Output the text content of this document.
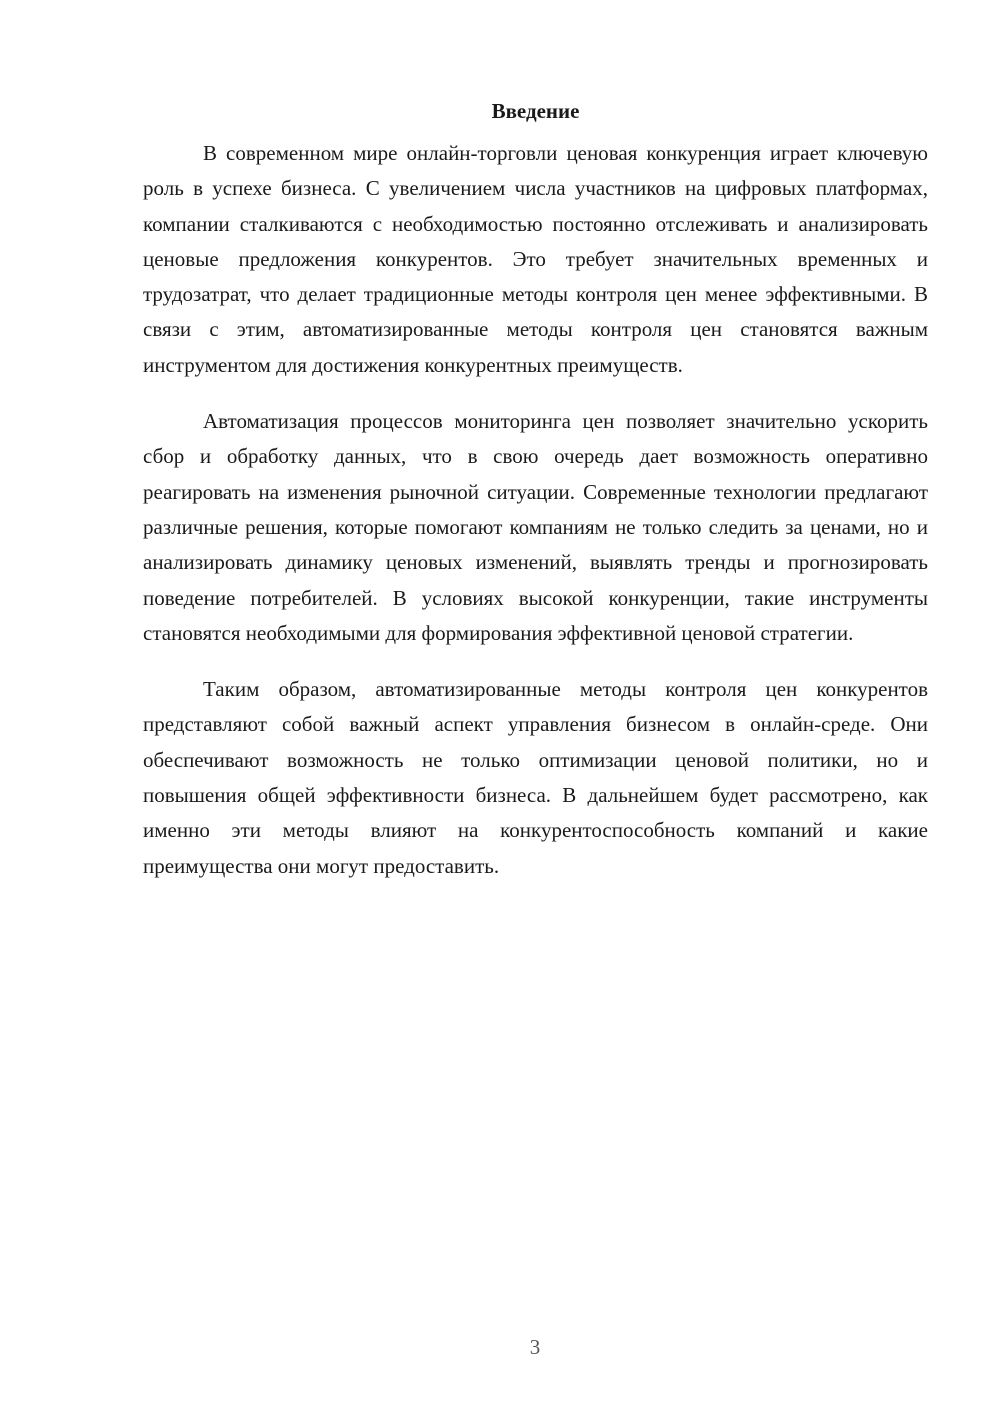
Введение

В современном мире онлайн-торговли ценовая конкуренция играет ключевую роль в успехе бизнеса. С увеличением числа участников на цифровых платформах, компании сталкиваются с необходимостью постоянно отслеживать и анализировать ценовые предложения конкурентов. Это требует значительных временных и трудозатрат, что делает традиционные методы контроля цен менее эффективными. В связи с этим, автоматизированные методы контроля цен становятся важным инструментом для достижения конкурентных преимуществ.

Автоматизация процессов мониторинга цен позволяет значительно ускорить сбор и обработку данных, что в свою очередь дает возможность оперативно реагировать на изменения рыночной ситуации. Современные технологии предлагают различные решения, которые помогают компаниям не только следить за ценами, но и анализировать динамику ценовых изменений, выявлять тренды и прогнозировать поведение потребителей. В условиях высокой конкуренции, такие инструменты становятся необходимыми для формирования эффективной ценовой стратегии.

Таким образом, автоматизированные методы контроля цен конкурентов представляют собой важный аспект управления бизнесом в онлайн-среде. Они обеспечивают возможность не только оптимизации ценовой политики, но и повышения общей эффективности бизнеса. В дальнейшем будет рассмотрено, как именно эти методы влияют на конкурентоспособность компаний и какие преимущества они могут предоставить.

3
